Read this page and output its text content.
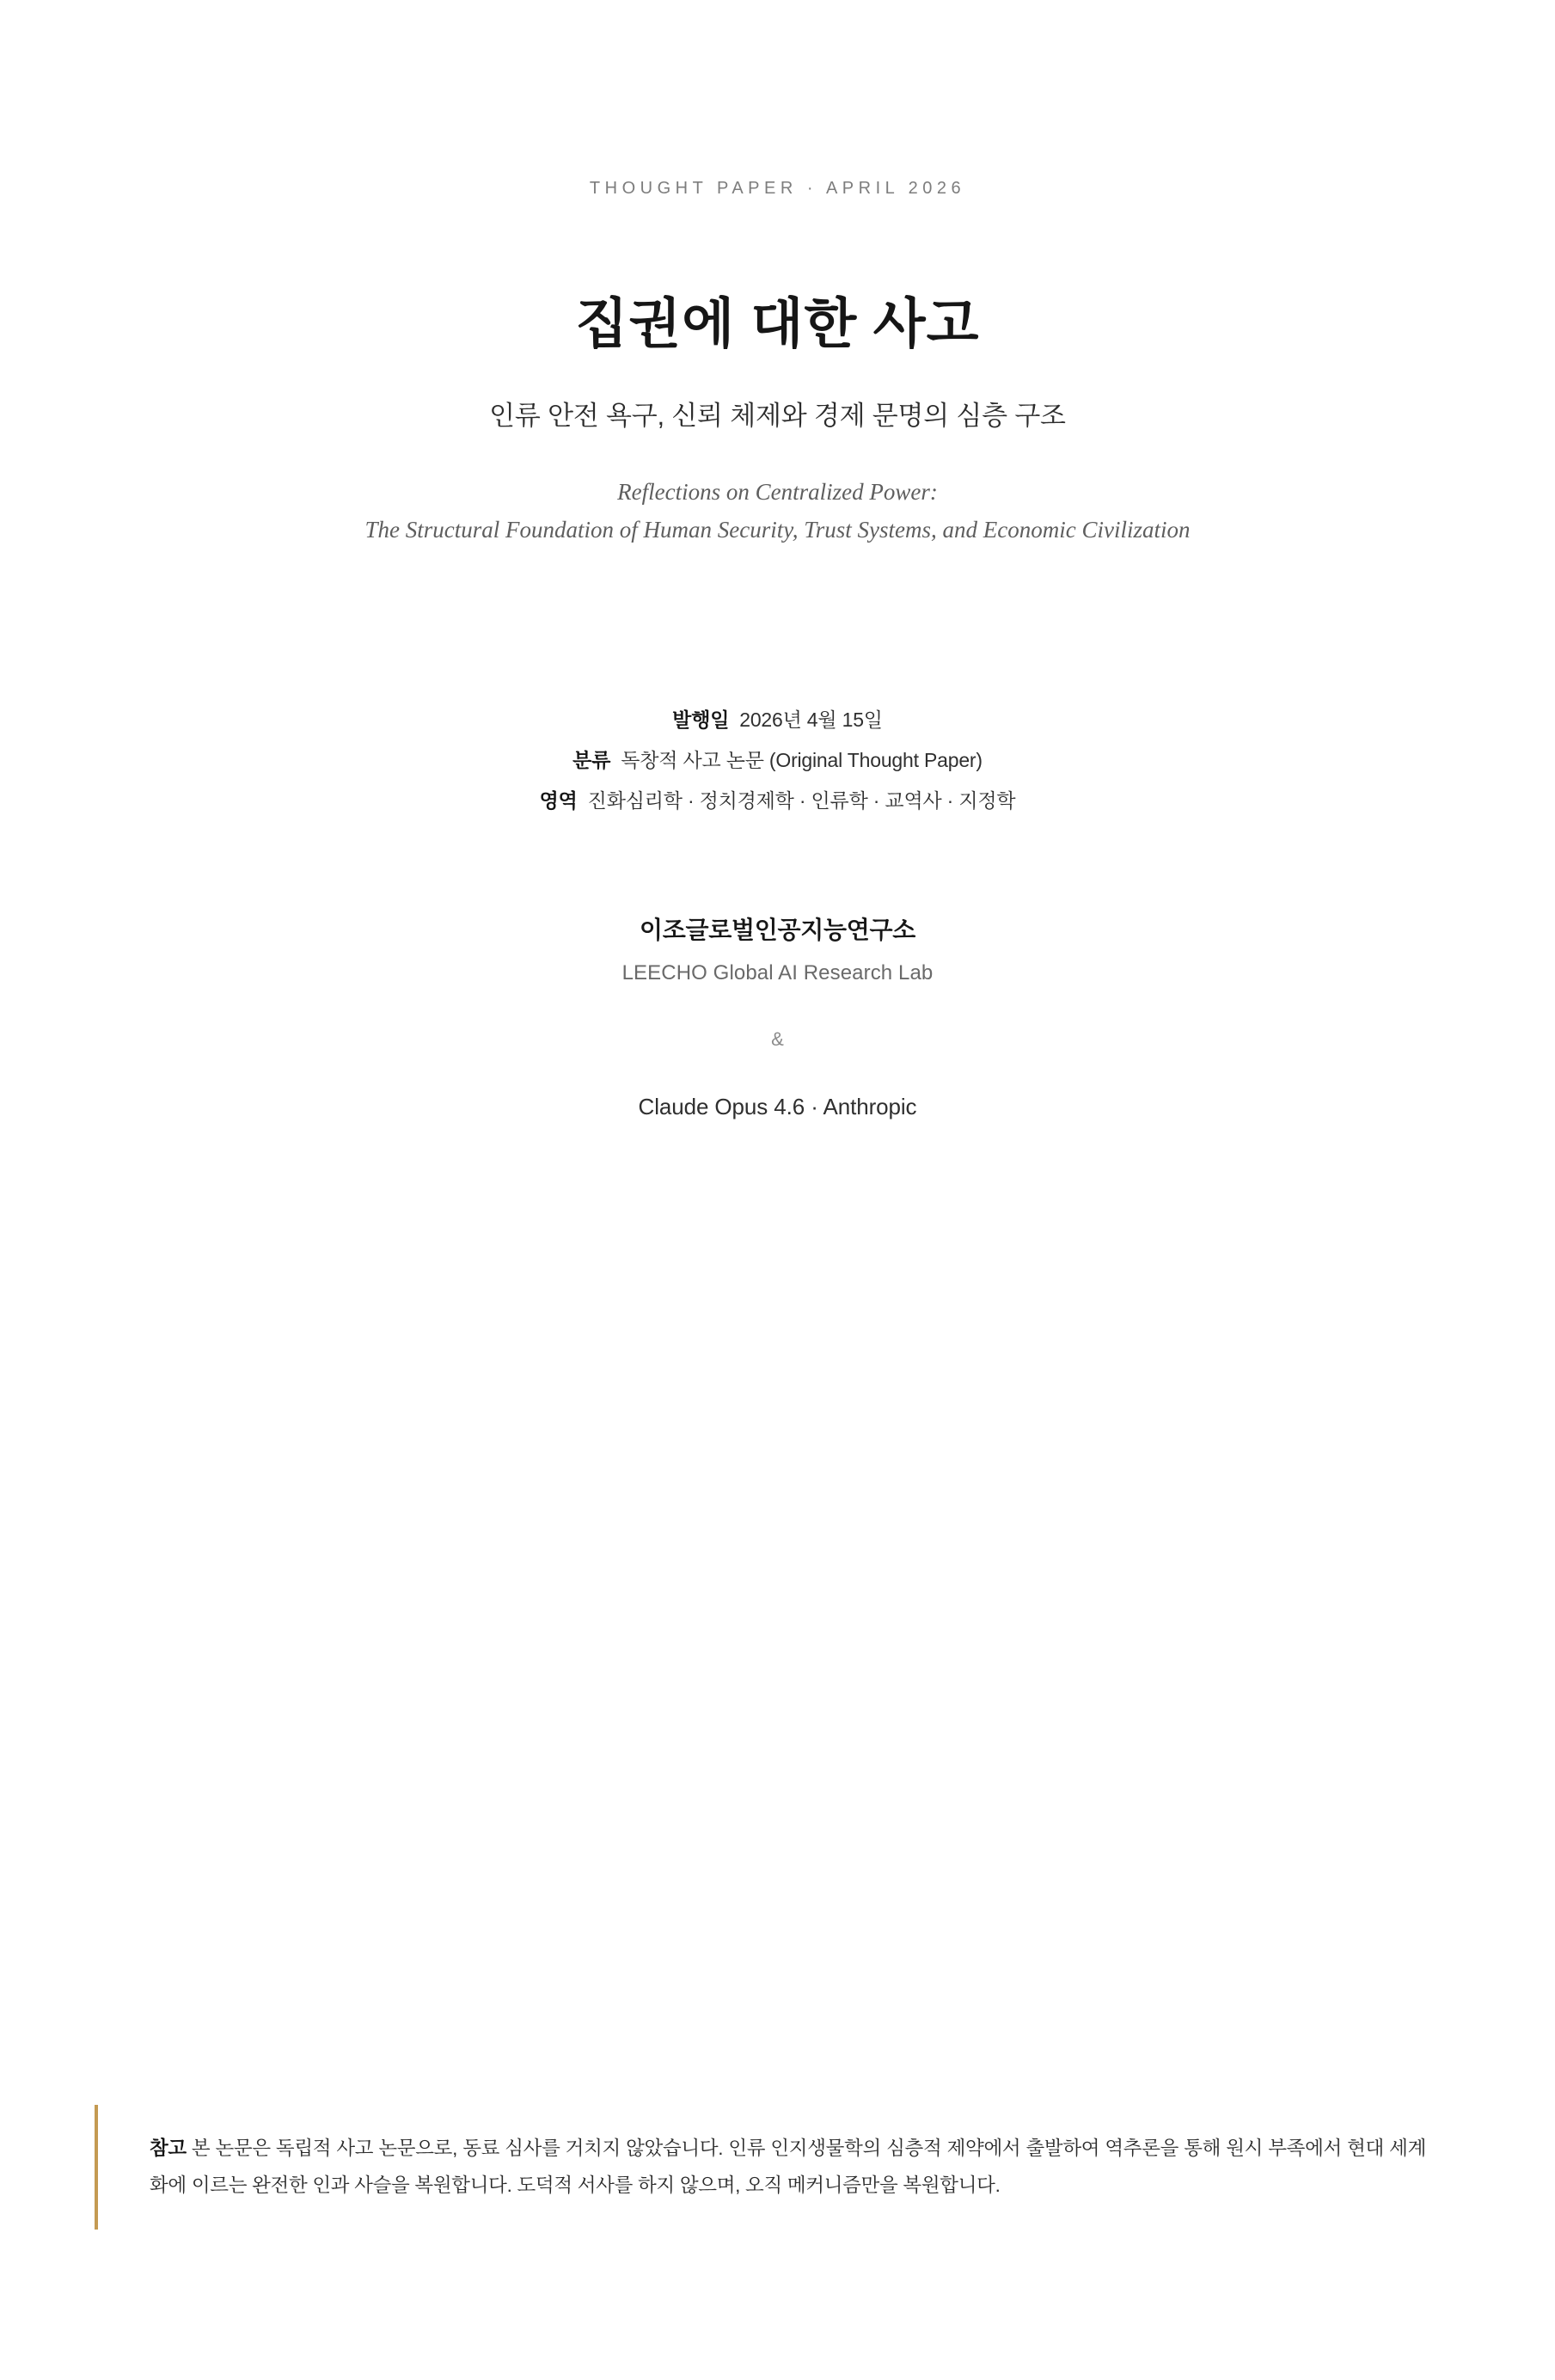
THOUGHT PAPER · APRIL 2026
집권에 대한 사고
인류 안전 욕구, 신뢰 체제와 경제 문명의 심층 구조
Reflections on Centralized Power:
The Structural Foundation of Human Security, Trust Systems, and Economic Civilization
발행일 2026년 4월 15일
분류 독창적 사고 논문 (Original Thought Paper)
영역 진화심리학 · 정치경제학 · 인류학 · 교역사 · 지정학
이조글로벌인공지능연구소
LEECHO Global AI Research Lab
&
Claude Opus 4.6 · Anthropic

참고 본 논문은 독립적 사고 논문으로, 동료 심사를 거치지 않았습니다. 인류 인지생물학의 심층적 제약에서 출발하여 역추론을 통해 원시 부족에서 현대 세계화에 이르는 완전한 인과 사슬을 복원합니다. 도덕적 서사를 하지 않으며, 오직 메커니즘만을 복원합니다.
